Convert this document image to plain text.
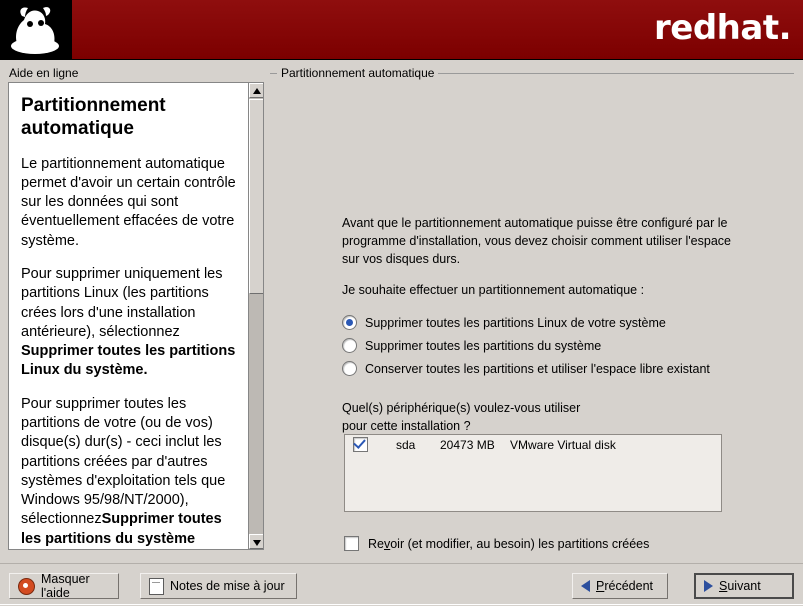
redhat.
Aide en ligne
Partitionnement automatique

Le partitionnement automatique permet d'avoir un certain contrôle sur les données qui sont éventuellement effacées de votre système.

Pour supprimer uniquement les partitions Linux (les partitions crées lors d'une installation antérieure), sélectionnez Supprimer toutes les partitions Linux du système.

Pour supprimer toutes les partitions de votre (ou de vos) disque(s) dur(s) - ceci inclut les partitions créées par d'autres systèmes d'exploitation tels que Windows 95/98/NT/2000), sélectionnezSupprimer toutes les partitions du système

Partitionnement automatique
Avant que le partitionnement automatique puisse être configuré par le programme d'installation, vous devez choisir comment utiliser l'espace sur vos disques durs.
Je souhaite effectuer un partitionnement automatique :
Supprimer toutes les partitions Linux de votre système
Supprimer toutes les partitions du système
Conserver toutes les partitions et utiliser l'espace libre existant
Quel(s) périphérique(s) voulez-vous utiliser
pour cette installation ?
sda	20473 MB	VMware Virtual disk
Revoir (et modifier, au besoin) les partitions créées
Masquer l'aide	Notes de mise à jour	Précédent	Suivant
